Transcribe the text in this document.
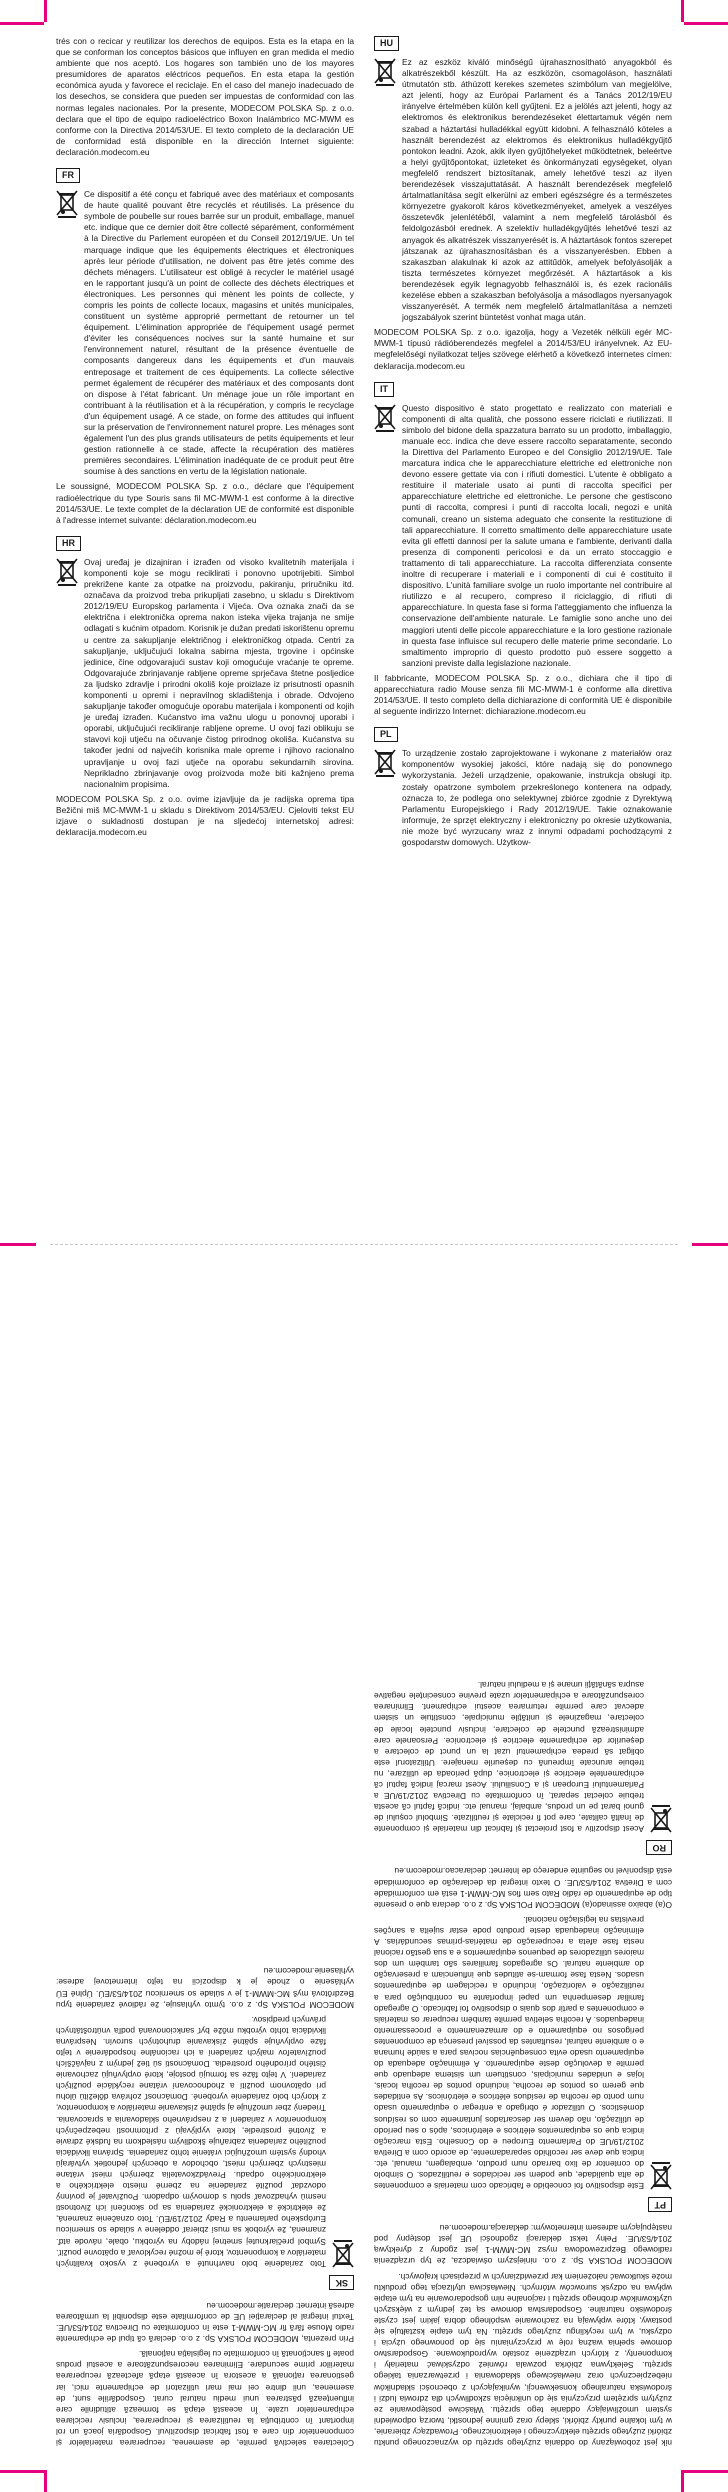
trés con o recicar y reutilizar los derechos de equipos. Esta es la etapa en la que se conforman los conceptos básicos que influyen en gran medida el medio ambiente que nos aceptó. Los hogares son también uno de los mayores presumidores de aparatos eléctricos pequeños. En esta etapa la gestión económica ayuda y favorece el reciclaje. En el caso del manejo inadecuado de los desechos, se considera que pueden ser impuestas de conformidad con las normas legales nacionales. Por la presente, MODECOM POLSKA Sp. z o.o. declara que el tipo de equipo radioeléctrico Boxon Inalámbrico MC-MWM es conforme con la Directiva 2014/53/UE. El texto completo de la declaración UE de conformidad está disponible en la dirección Internet siguiente: declaración.modecom.eu

FR

Ce dispositif a été conçu et fabriqué avec des matériaux et composants de haute qualité pouvant être recyclés et réutilisés. La présence du symbole de poubelle sur roues barrée sur un produit, emballage, manuel etc. indique que ce dernier doit être collecté séparément, conformément à la Directive du Parlement européen et du Conseil 2012/19/UE. Un tel marquage indique que les équipements électriques et électroniques après leur période d'utilisation, ne doivent pas être jetés comme des déchets ménagers. L'utilisateur est obligé à recycler le matériel usagé en le rapportant jusqu'à un point de collecte des déchets électriques et électroniques. Les personnes qui mènent les points de collecte, y compris les points de collecte locaux, magasins et unités municipales, constituent un système approprié permettant de retourner un tel équipement. L'élimination appropriée de l'équipement usagé permet d'éviter les conséquences nocives sur la santé humaine et sur l'environnement naturel, résultant de la présence éventuelle de composants dangereux dans les équipements et d'un mauvais entreposage et traitement de ces équipements. La collecte sélective permet également de récupérer des matériaux et des composants dont on dispose à l'état fabricant. Un ménage joue un rôle important en contribuant à la réutilisation et à la récupération, y compris le recyclage d'un équipement usagé. A ce stade, on forme des attitudes qui influent sur la préservation de l'environnement naturel propre. Les ménages sont également l'un des plus grands utilisateurs de petits équipements et leur gestion rationnelle à ce stade, affecte la récupération des matières premières secondaires. L'élimination inadéquate de ce produit peut être soumise à des sanctions en vertu de la législation nationale.

Le soussigné, MODECOM POLSKA Sp. z o.o., déclare que l'équipement radioélectrique du type Souris sans fil MC-MWM-1 est conforme à la directive 2014/53/UE. Le texte complet de la déclaration UE de conformité est disponible à l'adresse internet suivante: déclaration.modecom.eu

HR

Ovaj uređaj je dizajniran i izrađen od visoko kvalitetnih materijala i komponenti koje se mogu reciklirati i ponovno upotrijebiti. Simbol prekrižene kante za otpatke na proizvodu, pakiranju, priručniku itd. označava da proizvod treba prikupljati zasebno, u skladu s Direktivom 2012/19/EU Europskog parlamenta i Vijeća. Ova oznaka znači da se električna i elektronička oprema nakon isteka vijeka trajanja ne smije odlagati s kućnim otpadom. Korisnik je dužan predati iskorištenu opremu u centre za sakupljanje električnog i elektroničkog otpada. Centri za sakupljanje, uključujući lokalna sabirna mjesta, trgovine i općinske jedinice, čine odgovarajući sustav koji omogućuje vraćanje te opreme. Odgovarajuće zbrinjavanje rabljene opreme sprječava štetne posljedice za ljudsko zdravlje i prirodni okoliš koje proizlaze iz prisutnosti opasnih komponenti u opremi i nepravilnog skladištenja i obrade. Odvojeno sakupljanje također omogućuje oporabu materijala i komponenti od kojih je uređaj izrađen. Kućanstvo ima važnu ulogu u ponovnoj uporabi i oporabi, uključujući recikliranje rabljene opreme. U ovoj fazi oblikuju se stavovi koji utječu na očuvanje čistog prirodnog okoliša. Kućanstva su također jedni od najvećih korisnika male opreme i njihovo racionalno upravljanje u ovoj fazi utječe na oporabu sekundarnih sirovina. Neprikladno zbrinjavanje ovog proizvoda može biti kažnjeno prema nacionalnim propisima.

MODECOM POLSKA Sp. z o.o. ovime izjavljuje da je radijska oprema tipa Bežični miš MC-MWM-1 u skladu s Direktivom 2014/53/EU. Cjeloviti tekst EU izjave o sukladnosti dostupan je na sljedećoj internetskoj adresi: deklaracija.modecom.eu

HU

Ez az eszköz kiváló minőségű újrahasznosítható anyagokból és alkatrészekből készült. Ha az eszközön, csomagoláson, használati útmutatón stb. áthúzott kerekes szemetes szimbólum van megjelölve, azt jelenti, hogy az Európai Parlament és a Tanács 2012/19/EU irányelve értelmében külön kell gyűjteni. Ez a jelölés azt jelenti, hogy az elektromos és elektronikus berendezéseket élettartamuk végén nem szabad a háztartási hulladékkal együtt kidobni. A felhasználó köteles a használt berendezést az elektromos és elektronikus hulladékgyűjtő pontokon leadni. Azok, akik ilyen gyűjtőhelyeket működtetnek, beleértve a helyi gyűjtőpontokat, üzleteket és önkormányzati egységeket, olyan megfelelő rendszert biztosítanak, amely lehetővé teszi az ilyen berendezések visszajuttatását. A használt berendezések megfelelő ártalmatlanítása segít elkerülni az emberi egészségre és a természetes környezetre gyakorolt káros következményeket, amelyek a veszélyes összetevők jelenlétéből, valamint a nem megfelelő tárolásból és feldolgozásból erednek. A szelektív hulladékgyűjtés lehetővé teszi az anyagok és alkatrészek visszanyerését is. A háztartások fontos szerepet játszanak az újrahasznosításban és a visszanyerésben. Ebben a szakaszban alakulnak ki azok az attitűdök, amelyek befolyásolják a tiszta természetes környezet megőrzését. A háztartások a kis berendezések egyik legnagyobb felhasználói is, és ezek racionális kezelése ebben a szakaszban befolyásolja a másodlagos nyersanyagok visszanyerését. A termék nem megfelelő ártalmatlanítása a nemzeti jogszabályok szerint büntetést vonhat maga után.

MODECOM POLSKA Sp. z o.o. igazolja, hogy a Vezeték nélküli egér MC-MWM-1 típusú rádióberendezés megfelel a 2014/53/EU irányelvnek. Az EU-megfelelőségi nyilatkozat teljes szövege elérhető a következő internetes címen: deklaracija.modecom.eu

IT

Questo dispositivo è stato progettato e realizzato con materiali e componenti di alta qualità, che possono essere riciclati e riutilizzati. Il simbolo del bidone della spazzatura barrato su un prodotto, imballaggio, manuale ecc. indica che deve essere raccolto separatamente, secondo la Direttiva del Parlamento Europeo e del Consiglio 2012/19/UE. Tale marcatura indica che le apparecchiature elettriche ed elettroniche non devono essere gettate via con i rifiuti domestici. L'utente è obbligato a restituire il materiale usato ai punti di raccolta specifici per apparecchiature elettriche ed elettroniche. Le persone che gestiscono punti di raccolta, compresi i punti di raccolta locali, negozi e unità comunali, creano un sistema adeguato che consente la restituzione di tali apparecchiature. Il corretto smaltimento delle apparecchiature usate evita gli effetti dannosi per la salute umana e l'ambiente, derivanti dalla presenza di componenti pericolosi e da un errato stoccaggio e trattamento di tali apparecchiature. La raccolta differenziata consente inoltre di recuperare i materiali e i componenti di cui è costituito il dispositivo. L'unità familiare svolge un ruolo importante nel contribuire al riutilizzo e al recupero, compreso il riciclaggio, di rifiuti di apparecchiature. In questa fase si forma l'atteggiamento che influenza la conservazione dell'ambiente naturale. Le famiglie sono anche uno dei maggiori utenti delle piccole apparecchiature e la loro gestione razionale in questa fase influisce sul recupero delle materie prime secondarie. Lo smaltimento improprio di questo prodotto può essere soggetto a sanzioni previste dalla legislazione nazionale.

Il fabbricante, MODECOM POLSKA Sp. z o.o., dichiara che il tipo di apparecchiatura radio Mouse senza fili MC-MWM-1 è conforme alla direttiva 2014/53/UE. Il testo completo della dichiarazione di conformità UE è disponibile al seguente indirizzo Internet: dichiarazione.modecom.eu

PL

To urządzenie zostało zaprojektowane i wykonane z materiałów oraz komponentów wysokiej jakości, które nadają się do ponownego wykorzystania. Jeżeli urządzenie, opakowanie, instrukcja obsługi itp. zostały opatrzone symbolem przekreślonego kontenera na odpady, oznacza to, że podlega ono selektywnej zbiórce zgodnie z Dyrektywą Parlamentu Europejskiego i Rady 2012/19/UE. Takie oznakowanie informuje, że sprzęt elektryczny i elektroniczny po okresie użytkowania, nie może być wyrzucany wraz z innymi odpadami pochodzącymi z gospodarstw domowych. Użytkow-

nik jest zobowiązany do oddania zużytego sprzętu do wyznaczonego punktu zbiórki zużytego sprzętu elektrycznego i elektronicznego. Prowadzący zbieranie, w tym lokalne punkty zbiórki, sklepy oraz gminne jednostki, tworzą odpowiedni system umożliwiający oddanie tego sprzętu. Właściwe postępowanie ze zużytym sprzętem przyczynia się do uniknięcia szkodliwych dla zdrowia ludzi i środowiska naturalnego konsekwencji, wynikających z obecności składników niebezpiecznych oraz niewłaściwego składowania i przetwarzania takiego sprzętu. Selektywna zbiórka pozwala również odzyskiwać materiały i komponenty, z których urządzenie zostało wyprodukowane. Gospodarstwo domowe spełnia ważną rolę w przyczynianiu się do ponownego użycia i odzysku, w tym recyklingu zużytego sprzętu. Na tym etapie kształtuje się postawy, które wpływają na zachowanie wspólnego dobra jakim jest czyste środowisko naturalne. Gospodarstwa domowe są też jednym z większych użytkowników drobnego sprzętu i racjonalne nim gospodarowanie na tym etapie wpływa na odzysk surowców wtórnych. Niewłaściwa utylizacja tego produktu może skutkować nałożeniem kar przewidzianych w przepisach krajowych.

MODECOM POLSKA Sp. z o.o. niniejszym oświadcza, że typ urządzenia radiowego Bezprzewodowa mysz MC-MWM-1 jest zgodny z dyrektywą 2014/53/UE. Pełny tekst deklaracji zgodności UE jest dostępny pod następującym adresem internetowym: deklaracja.modecom.eu

PT

Este dispositivo foi concebido e fabricado com materiais e componentes de alta qualidade, que podem ser reciclados e reutilizados. O símbolo do contentor de lixo barrado num produto, embalagem, manual, etc. indica que deve ser recolhido separadamente, de acordo com a Diretiva 2012/19/UE do Parlamento Europeu e do Conselho. Esta marcação indica que os equipamentos elétricos e eletrónicos, após o seu período de utilização, não devem ser descartados juntamente com os resíduos domésticos. O utilizador é obrigado a entregar o equipamento usado num ponto de recolha de resíduos elétricos e eletrónicos. As entidades que gerem os pontos de recolha, incluindo pontos de recolha locais, lojas e unidades municipais, constituem um sistema adequado que permite a devolução deste equipamento. A eliminação adequada do equipamento usado evita consequências nocivas para a saúde humana e o ambiente natural, resultantes da possível presença de componentes perigosos no equipamento e do armazenamento e processamento inadequados. A recolha seletiva permite também recuperar os materiais e componentes a partir dos quais o dispositivo foi fabricado. O agregado familiar desempenha um papel importante na contribuição para a reutilização e valorização, incluindo a reciclagem de equipamentos usados. Nesta fase formam-se atitudes que influenciam a preservação do ambiente natural. Os agregados familiares são também um dos maiores utilizadores de pequenos equipamentos e a sua gestão racional nesta fase afeta a recuperação de matérias-primas secundárias. A eliminação inadequada deste produto pode estar sujeita a sanções previstas na legislação nacional.

O(a) abaixo assinado(a) MODECOM POLSKA Sp. z o.o. declara que o presente tipo de equipamento de rádio Rato sem fios MC-MWM-1 está em conformidade com a Diretiva 2014/53/UE. O texto integral da declaração de conformidade está disponível no seguinte endereço de Internet: declaracao.modecom.eu

RO

Acest dispozitiv a fost proiectat și fabricat din materiale și componente de înaltă calitate, care pot fi reciclate și reutilizate. Simbolul coșului de gunoi barat pe un produs, ambalaj, manual etc. indică faptul că acesta trebuie colectat separat, în conformitate cu Directiva 2012/19/UE a Parlamentului European și a Consiliului. Acest marcaj indică faptul că echipamentele electrice și electronice, după perioada de utilizare, nu trebuie aruncate împreună cu deșeurile menajere. Utilizatorul este obligat să predea echipamentul uzat la un punct de colectare a deșeurilor de echipamente electrice și electronice. Persoanele care administrează punctele de colectare, inclusiv punctele locale de colectare, magazinele și unitățile municipale, constituie un sistem adecvat care permite returnarea acestui echipament. Eliminarea corespunzătoare a echipamentelor uzate previne consecințele negative asupra sănătății umane și a mediului natural.

Colectarea selectivă permite, de asemenea, recuperarea materialelor și componentelor din care a fost fabricat dispozitivul. Gospodăria joacă un rol important în contribuția la reutilizarea și recuperarea, inclusiv reciclarea echipamentelor uzate. În această etapă se formează atitudinile care influențează păstrarea unui mediu natural curat. Gospodăriile sunt, de asemenea, unii dintre cei mai mari utilizatori de echipamente mici, iar gestionarea rațională a acestora în această etapă afectează recuperarea materiilor prime secundare. Eliminarea necorespunzătoare a acestui produs poate fi sancționată în conformitate cu legislația națională.

Prin prezenta, MODECOM POLSKA Sp. z o.o. declară că tipul de echipamente radio Mouse fără fir MC-MWM-1 este în conformitate cu Directiva 2014/53/UE. Textul integral al declarației UE de conformitate este disponibil la următoarea adresă internet: declaratie.modecom.eu

SK

Toto zariadenie bolo navrhnuté a vyrobené z vysoko kvalitných materiálov a komponentov, ktoré je možné recyklovať a opätovne použiť. Symbol prečiarknutej smetnej nádoby na výrobku, obale, návode atď. znamená, že výrobok sa musí zbierať oddelene v súlade so smernicou Európskeho parlamentu a Rady 2012/19/EÚ. Toto označenie znamená, že elektrické a elektronické zariadenia sa po skončení ich životnosti nesmú vyhadzovať spolu s domovým odpadom. Používateľ je povinný odovzdať použité zariadenie na zberné miesto elektrického a elektronického odpadu. Prevádzkovatelia zberných miest vrátane miestnych zberných miest, obchodov a obecných jednotiek vytvárajú vhodný systém umožňujúci vrátenie tohto zariadenia. Správna likvidácia použitého zariadenia zabraňuje škodlivým následkom na ľudské zdravie a životné prostredie, ktoré vyplývajú z prítomnosti nebezpečných komponentov v zariadení a z nesprávneho skladovania a spracovania. Triedený zber umožňuje aj spätné získavanie materiálov a komponentov, z ktorých bolo zariadenie vyrobené. Domácnosť zohráva dôležitú úlohu pri opätovnom použití a zhodnocovaní vrátane recyklácie použitých zariadení. V tejto fáze sa formujú postoje, ktoré ovplyvňujú zachovanie čistého prírodného prostredia. Domácnosti sú tiež jedným z najväčších používateľov malých zariadení a ich racionálne hospodárenie v tejto fáze ovplyvňuje spätné získavanie druhotných surovín. Nesprávna likvidácia tohto výrobku môže byť sankcionovaná podľa vnútroštátnych právnych predpisov.

MODECOM POLSKA Sp. z o.o. týmto vyhlasuje, že rádiové zariadenie typu Bezdrôtová myš MC-MWM-1 je v súlade so smernicou 2014/53/EÚ. Úplné EÚ vyhlásenie o zhode je k dispozícii na tejto internetovej adrese: vyhlasenie.modecom.eu
